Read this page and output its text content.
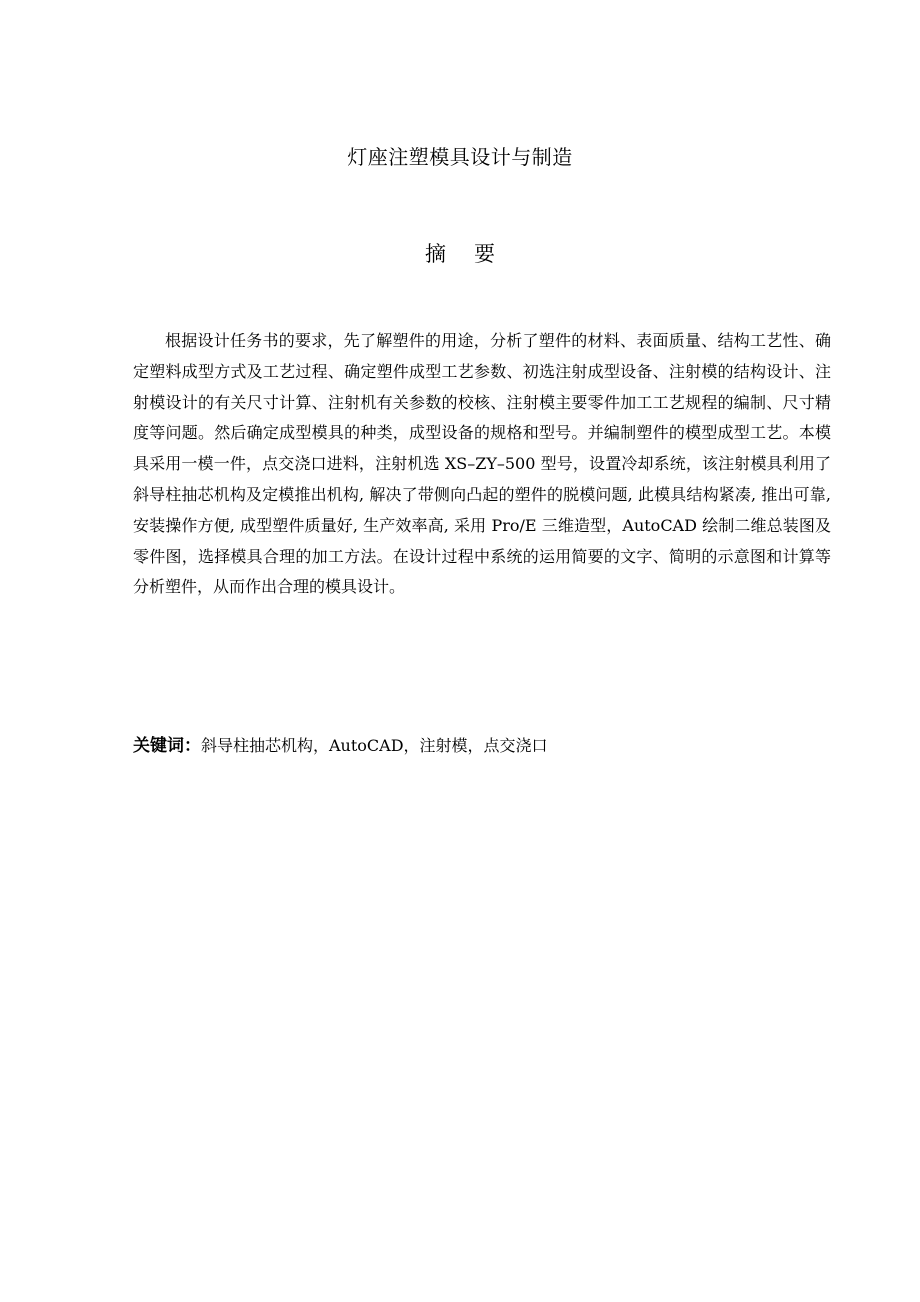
灯座注塑模具设计与制造
摘 要

根据设计任务书的要求，先了解塑件的用途，分析了塑件的材料、表面质量、结构工艺性、确定塑料成型方式及工艺过程、确定塑件成型工艺参数、初选注射成型设备、注射模的结构设计、注射模设计的有关尺寸计算、注射机有关参数的校核、注射模主要零件加工工艺规程的编制、尺寸精度等问题。然后确定成型模具的种类，成型设备的规格和型号。并编制塑件的模型成型工艺。本模具采用一模一件，点交浇口进料，注射机选 XS–ZY–500 型号，设置冷却系统，该注射模具利用了斜导柱抽芯机构及定模推出机构, 解决了带侧向凸起的塑件的脱模问题, 此模具结构紧凑, 推出可靠, 安装操作方便, 成型塑件质量好, 生产效率高, 采用 Pro/E 三维造型，AutoCAD 绘制二维总装图及零件图，选择模具合理的加工方法。在设计过程中系统的运用简要的文字、简明的示意图和计算等分析塑件，从而作出合理的模具设计。

关键词：斜导柱抽芯机构，AutoCAD，注射模，点交浇口
